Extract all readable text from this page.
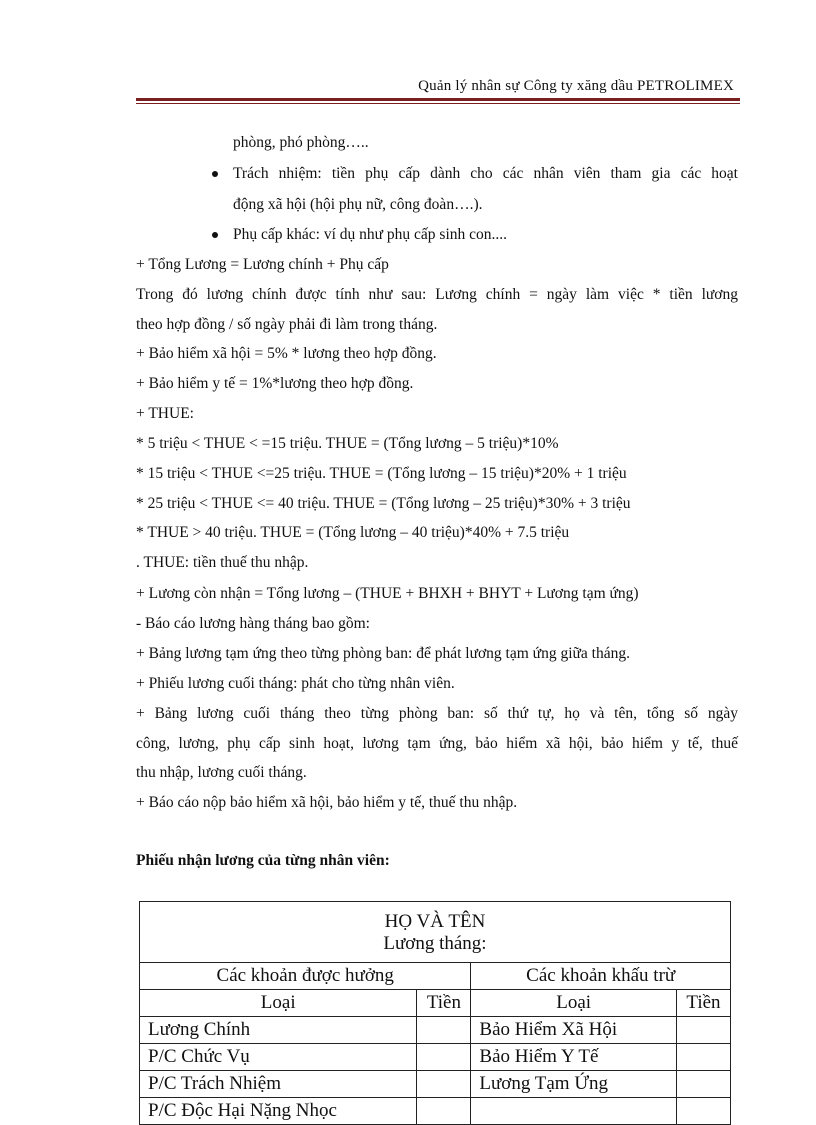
Quản lý nhân sự Công ty xăng dầu PETROLIMEX
phòng, phó phòng…..
Trách nhiệm: tiền phụ cấp dành cho các nhân viên tham gia các hoạt
động xã hội (hội phụ nữ, công đoàn….).
Phụ cấp khác: ví dụ như phụ cấp sinh con....
+ Tổng Lương = Lương chính + Phụ cấp
Trong đó lương chính được tính như sau: Lương chính = ngày làm việc * tiền lương
theo hợp đồng / số ngày phải đi làm trong tháng.
+ Bảo hiểm xã hội = 5% * lương theo hợp đồng.
+ Bảo hiểm y tế = 1%*lương theo hợp đồng.
+ THUE:
* 5 triệu < THUE < =15 triệu. THUE = (Tổng lương – 5 triệu)*10%
* 15 triệu < THUE <=25 triệu. THUE = (Tổng lương – 15 triệu)*20% + 1 triệu
* 25 triệu < THUE <= 40 triệu. THUE = (Tổng lương – 25 triệu)*30% + 3 triệu
* THUE > 40 triệu. THUE = (Tổng lương – 40 triệu)*40% + 7.5 triệu
. THUE: tiền thuế thu nhập.
+ Lương còn nhận = Tổng lương – (THUE + BHXH + BHYT + Lương tạm ứng)
- Báo cáo lương hàng tháng bao gồm:
+ Bảng lương tạm ứng theo từng phòng ban: để phát lương tạm ứng giữa tháng.
+ Phiếu lương cuối tháng: phát cho từng nhân viên.
+ Bảng lương cuối tháng theo từng phòng ban: số thứ tự, họ và tên, tổng số ngày
công, lương, phụ cấp sinh hoạt, lương tạm ứng, bảo hiểm xã hội, bảo hiểm y tế, thuế
thu nhập, lương cuối tháng.
+ Báo cáo nộp bảo hiểm xã hội, bảo hiểm y tế, thuế thu nhập.
Phiếu nhận lương của từng nhân viên:
HỌ VÀ TÊN
Lương tháng:			

Các khoản được hưởng		Các khoản khấu trừ	
Loại	Tiền	Loại	Tiền
Lương Chính		Bảo Hiểm Xã Hội	
P/C Chức Vụ		Bảo Hiểm Y Tế	
P/C Trách Nhiệm		Lương Tạm Ứng	
P/C Độc Hại Nặng Nhọc			
